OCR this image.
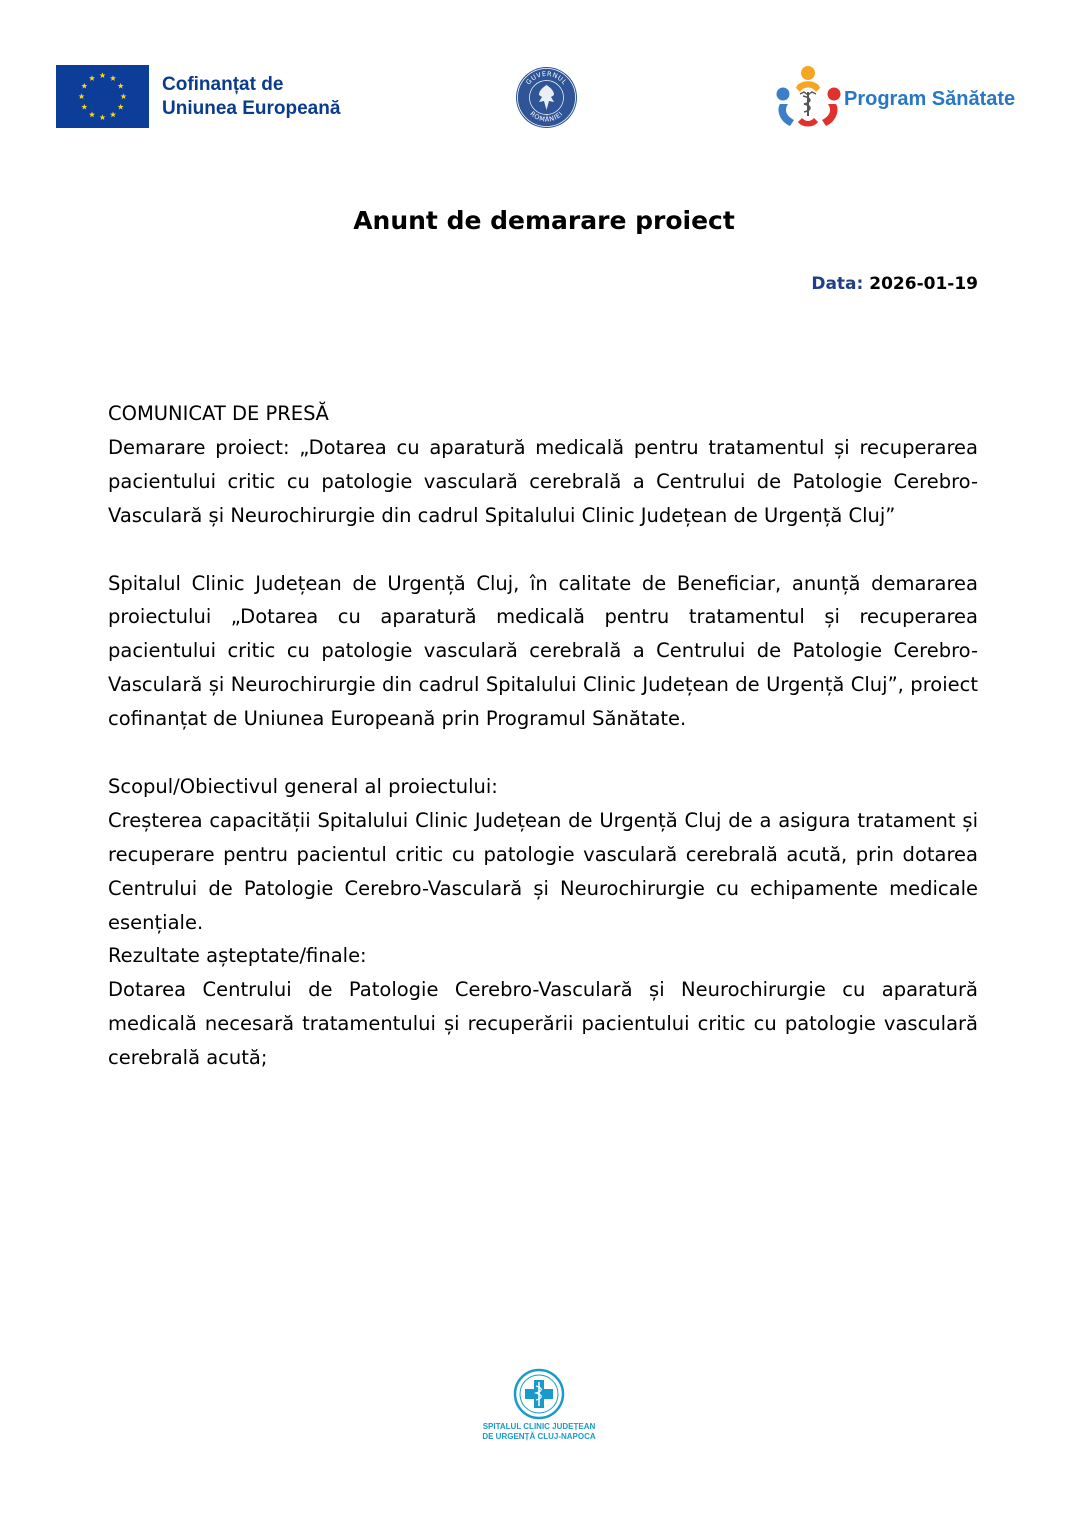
Cofinanțat de
Uniunea Europeană
GUVERNUL
ROMÂNIEI
Program Sănătate
Anunt de demarare proiect
Data: 2026-01-19

COMUNICAT DE PRESĂ

Demarare proiect: „Dotarea cu aparatură medicală pentru tratamentul și recuperarea pacientului critic cu patologie vasculară cerebrală a Centrului de Patologie Cerebro-Vasculară și Neurochirurgie din cadrul Spitalului Clinic Județean de Urgență Cluj”

Spitalul Clinic Județean de Urgență Cluj, în calitate de Beneficiar, anunță demararea proiectului „Dotarea cu aparatură medicală pentru tratamentul și recuperarea pacientului critic cu patologie vasculară cerebrală a Centrului de Patologie Cerebro-Vasculară și Neurochirurgie din cadrul Spitalului Clinic Județean de Urgență Cluj”, proiect cofinanțat de Uniunea Europeană prin Programul Sănătate.

Scopul/Obiectivul general al proiectului:

Creșterea capacității Spitalului Clinic Județean de Urgență Cluj de a asigura tratament și recuperare pentru pacientul critic cu patologie vasculară cerebrală acută, prin dotarea Centrului de Patologie Cerebro-Vasculară și Neurochirurgie cu echipamente medicale esențiale.

Rezultate așteptate/finale:

Dotarea Centrului de Patologie Cerebro-Vasculară și Neurochirurgie cu aparatură medicală necesară tratamentului și recuperării pacientului critic cu patologie vasculară cerebrală acută;

SPITALUL CLINIC JUDEȚEAN
DE URGENȚĂ CLUJ-NAPOCA
